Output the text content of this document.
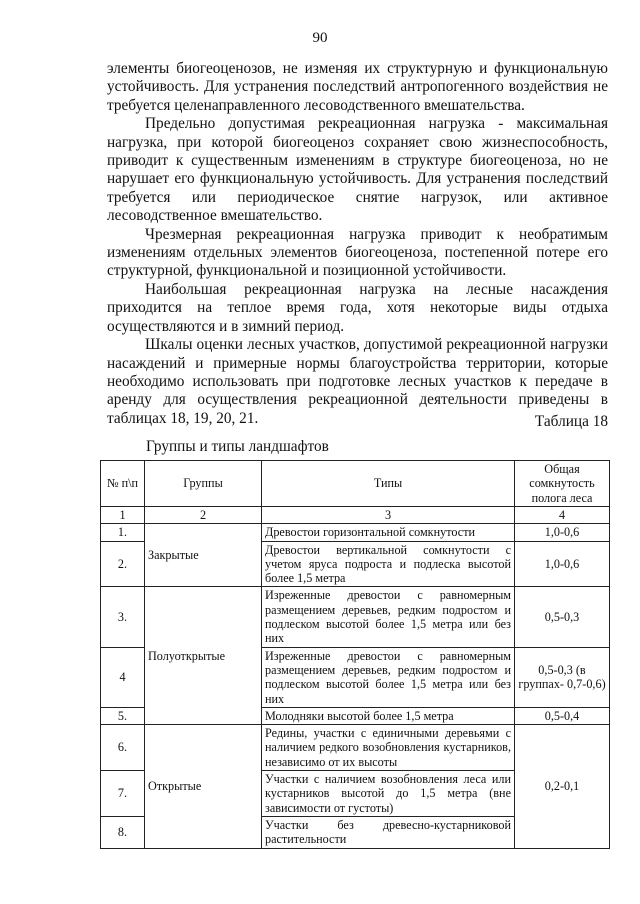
90

элементы биогеоценозов, не изменяя их структурную и функциональную устойчивость. Для устранения последствий антропогенного воздействия не требуется целенаправленного лесоводственного вмешательства.

Предельно допустимая рекреационная нагрузка - максимальная нагрузка, при которой биогеоценоз сохраняет свою жизнеспособность, приводит к существенным изменениям в структуре биогеоценоза, но не нарушает его функциональную устойчивость. Для устранения последствий требуется или периодическое снятие нагрузок, или активное лесоводственное вмешательство.

Чрезмерная рекреационная нагрузка приводит к необратимым изменениям отдельных элементов биогеоценоза, постепенной потере его структурной, функциональной и позиционной устойчивости.

Наибольшая рекреационная нагрузка на лесные насаждения приходится на теплое время года, хотя некоторые виды отдыха осуществляются и в зимний период.

Шкалы оценки лесных участков, допустимой рекреационной нагрузки насаждений и примерные нормы благоустройства территории, которые необходимо использовать при подготовке лесных участков к передаче в аренду для осуществления рекреационной деятельности приведены в таблицах 18, 19, 20, 21.	Таблица 18
Группы и типы ландшафтов
№ п\п	Группы	Типы	Общая сомкнутость полога леса
1	2	3	4
1.	Закрытые	Древостои горизонтальной сомкнутости	1,0-0,6
2.		Древостои вертикальной сомкнутости с учетом яруса подроста и подлеска высотой более 1,5 метра	1,0-0,6
3.	Полуоткрытые	Изреженные древостои с равномерным размещением деревьев, редким подростом и подлеском высотой более 1,5 метра или без них	0,5-0,3
4		Изреженные древостои с равномерным размещением деревьев, редким подростом и подлеском высотой более 1,5 метра или без них	0,5-0,3 (в группах- 0,7-0,6)
5.		Молодняки высотой более 1,5 метра	0,5-0,4
6.	Открытые	Редины, участки с единичными деревьями с наличием редкого возобновления кустарников, независимо от их высоты	0,2-0,1
7.		Участки с наличием возобновления леса или кустарников высотой до 1,5 метра (вне зависимости от густоты)	
8.		Участки без древесно-кустарниковой растительности	
